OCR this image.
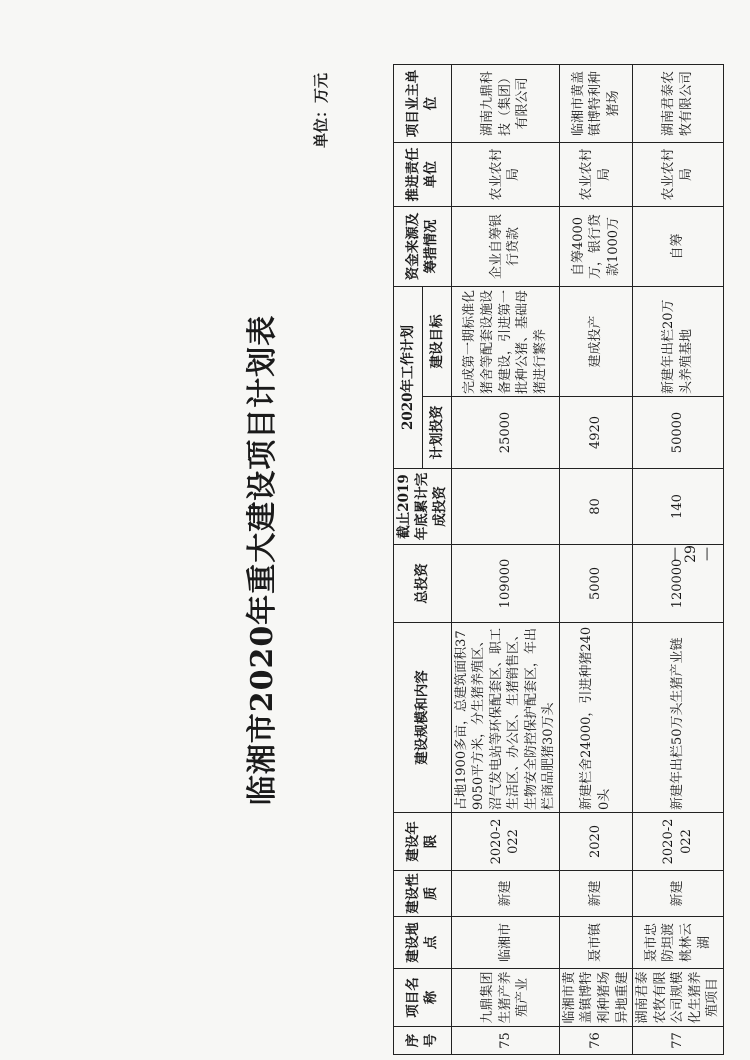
临湘市2020年重大建设项目计划表
单位：万元
序号	项目名称	建设地点	建设性质	建设年限	建设规模和内容	总投资	截止2019年底累计完成投资	2020年工作计划		资金来源及筹措情况	推进责任单位	项目业主单位
								计划投资	建设目标			
75	九鼎集团生猪产养殖产业	临湘市	新建	2020-2022	占地1900多亩，总建筑面积379050平方米，分生猪养殖区、沼气发电站等环保配套区、职工生活区、办公区、生猪销售区、生物安全防控保护配套区，年出栏商品肥猪30万头	109000		25000	完成第一期标准化猪舍等配套设施设备建设，引进第一批种公猪、基础母猪进行繁养	企业自筹银行贷款	农业农村局	湖南九鼎科技（集团）有限公司
76	临湘市黄盖镇博特利种猪场异地重建	聂市镇	新建	2020	新建栏舍24000，引进种猪2400头	5000	80	4920	建成投产	自筹4000万，银行贷款1000万	农业农村局	临湘市黄盖镇博特利种猪场
77	湖南君泰农牧有限公司规模化生猪养殖项目	聂市忠防坦渡桃林云湖	新建	2020-2022	新建年出栏50万头生猪产业链	120000	140	50000	新建年出栏20万头养殖基地	自筹	农业农村局	湖南君泰农牧有限公司
—29—
